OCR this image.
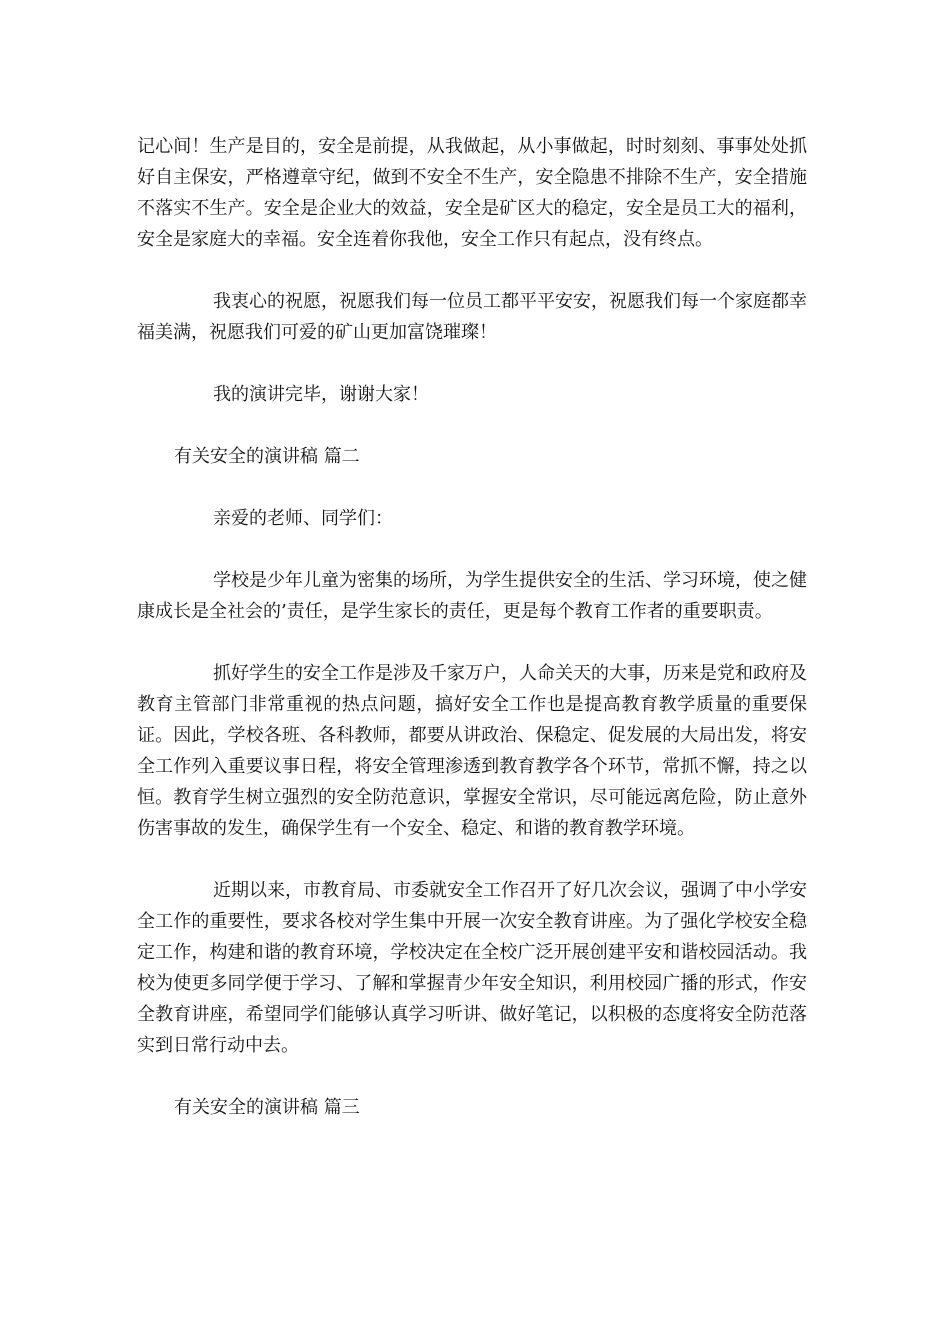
记心间！生产是目的，安全是前提，从我做起，从小事做起，时时刻刻、事事处处抓好自主保安，严格遵章守纪，做到不安全不生产，安全隐患不排除不生产，安全措施不落实不生产。安全是企业大的效益，安全是矿区大的稳定，安全是员工大的福利，安全是家庭大的幸福。安全连着你我他，安全工作只有起点，没有终点。

我衷心的祝愿，祝愿我们每一位员工都平平安安，祝愿我们每一个家庭都幸福美满，祝愿我们可爱的矿山更加富饶璀璨！

我的演讲完毕，谢谢大家！

有关安全的演讲稿 篇二

亲爱的老师、同学们：

学校是少年儿童为密集的场所，为学生提供安全的生活、学习环境，使之健康成长是全社会的’责任，是学生家长的责任，更是每个教育工作者的重要职责。

抓好学生的安全工作是涉及千家万户，人命关天的大事，历来是党和政府及教育主管部门非常重视的热点问题，搞好安全工作也是提高教育教学质量的重要保证。因此，学校各班、各科教师，都要从讲政治、保稳定、促发展的大局出发，将安全工作列入重要议事日程，将安全管理渗透到教育教学各个环节，常抓不懈，持之以恒。教育学生树立强烈的安全防范意识，掌握安全常识，尽可能远离危险，防止意外伤害事故的发生，确保学生有一个安全、稳定、和谐的教育教学环境。

近期以来，市教育局、市委就安全工作召开了好几次会议，强调了中小学安全工作的重要性，要求各校对学生集中开展一次安全教育讲座。为了强化学校安全稳定工作，构建和谐的教育环境，学校决定在全校广泛开展创建平安和谐校园活动。我校为使更多同学便于学习、了解和掌握青少年安全知识，利用校园广播的形式，作安全教育讲座，希望同学们能够认真学习听讲、做好笔记，以积极的态度将安全防范落实到日常行动中去。

有关安全的演讲稿 篇三
